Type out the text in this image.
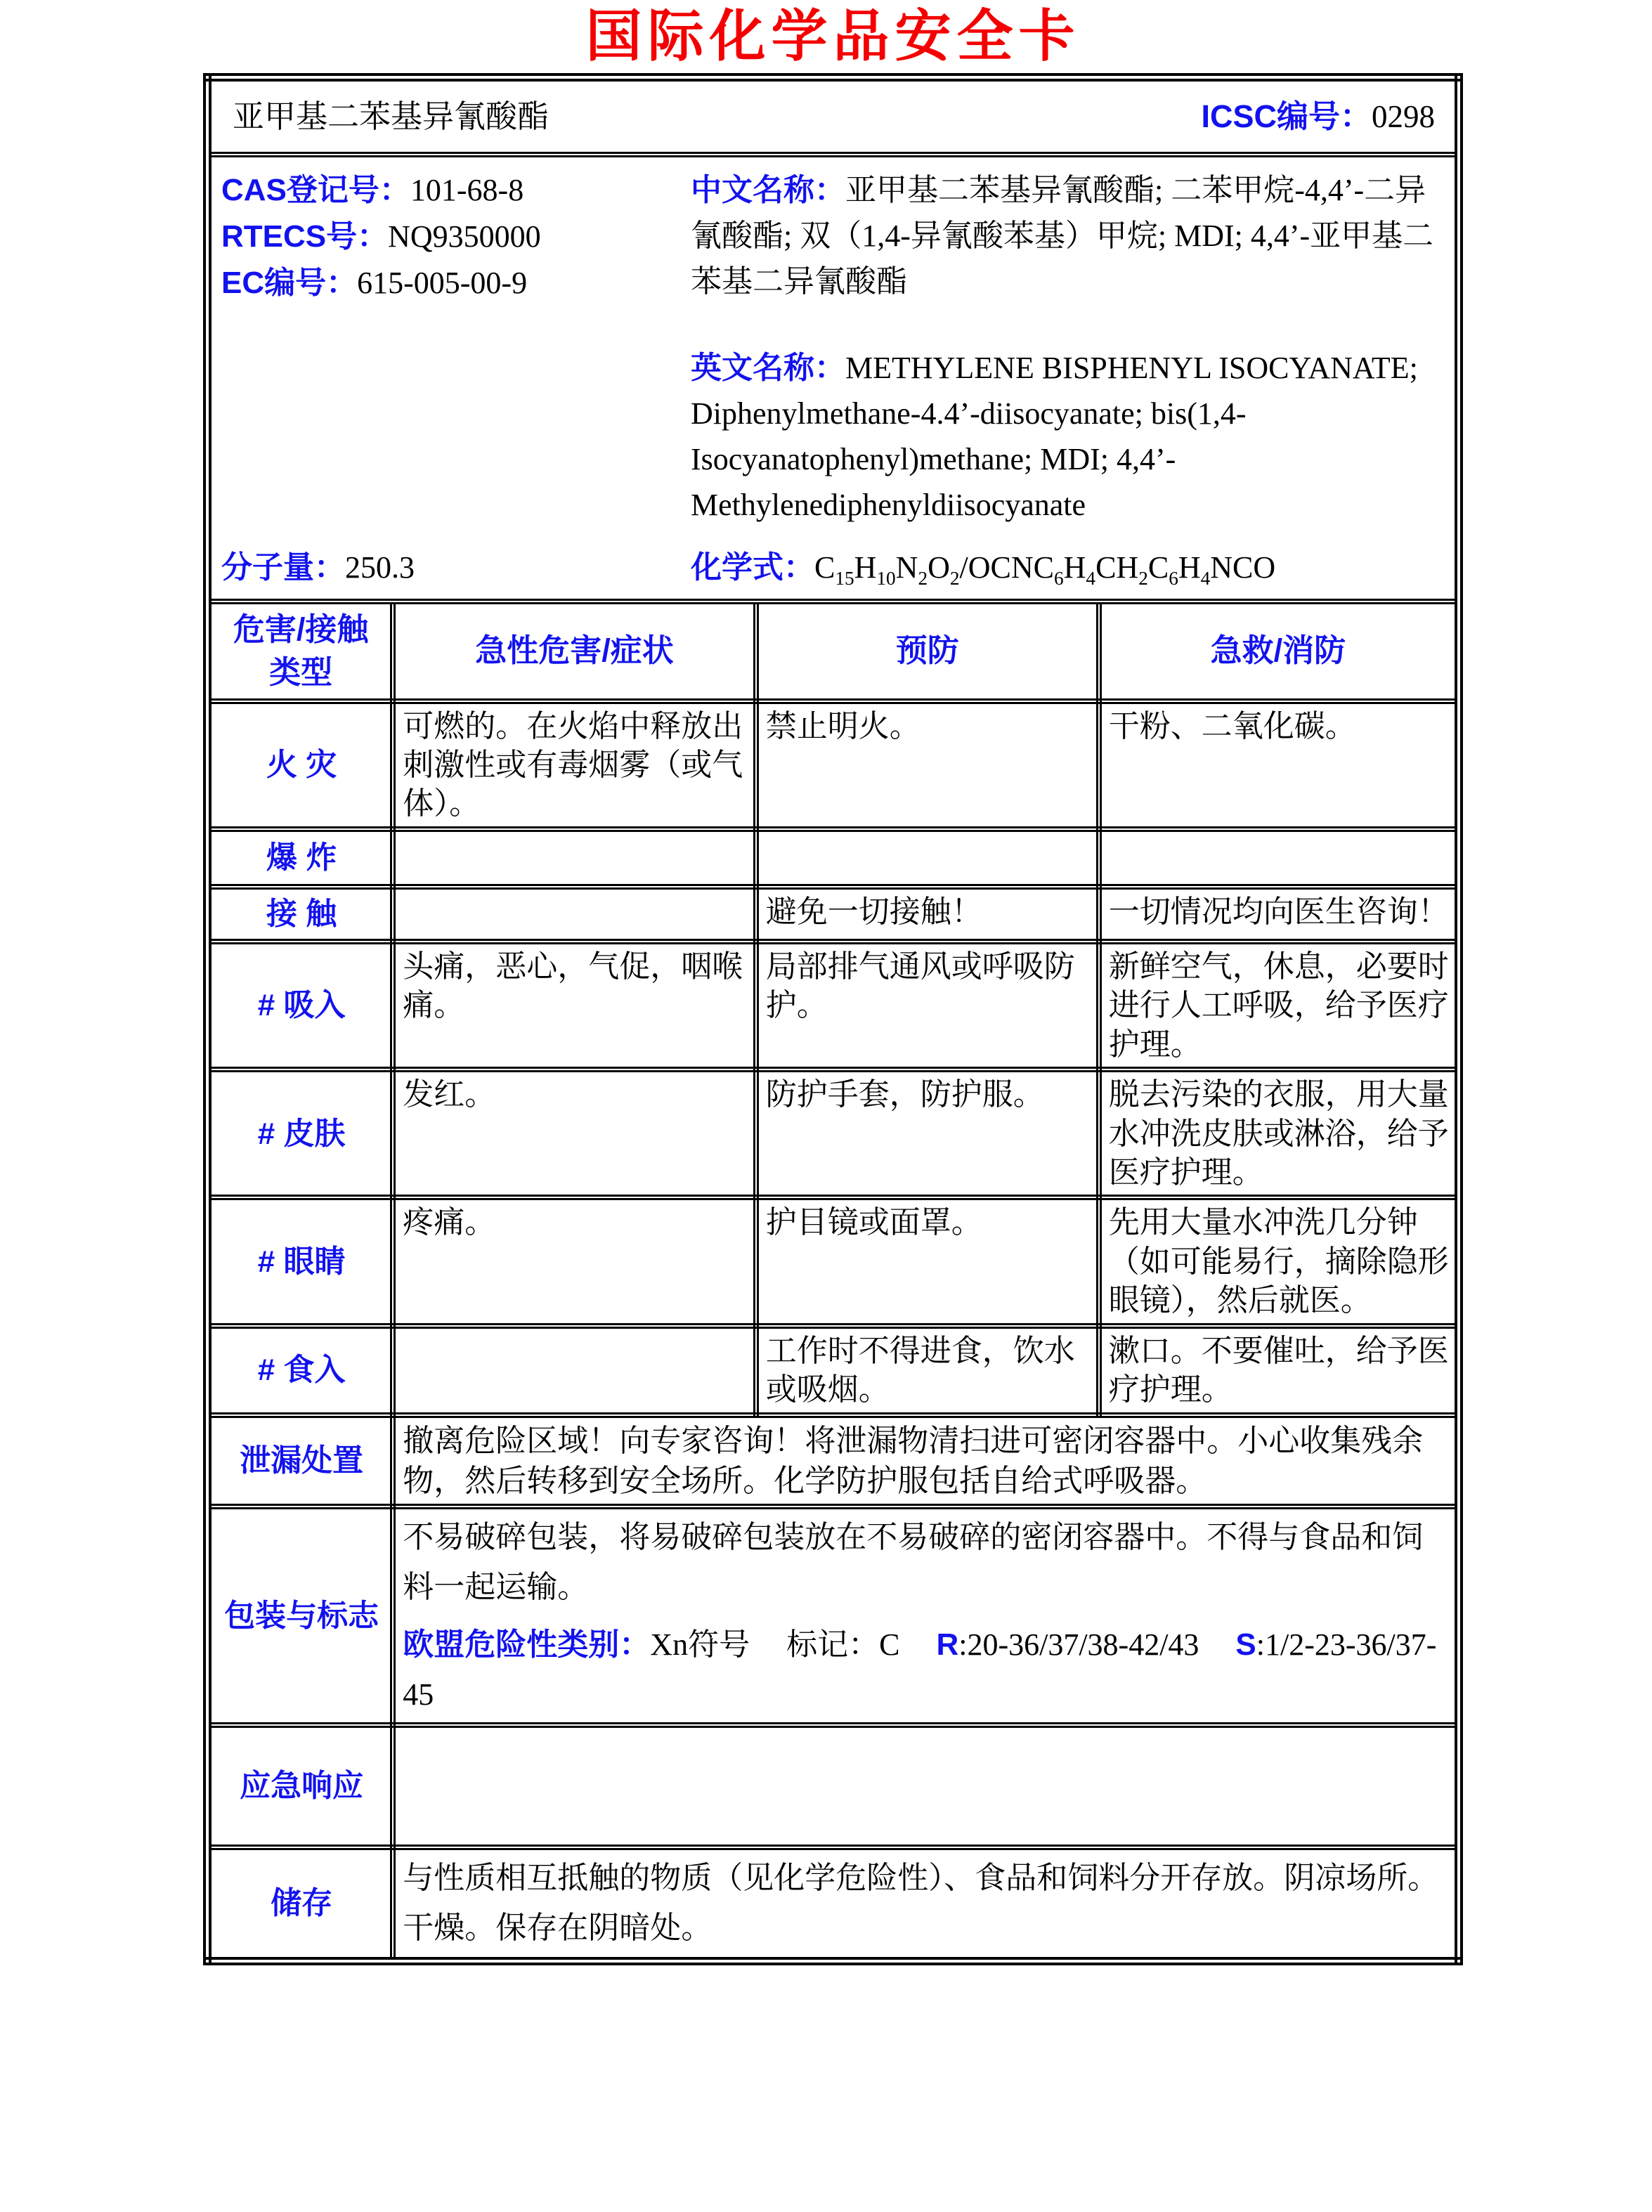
国际化学品安全卡
亚甲基二苯基异氰酸酯 ICSC编号：0298			

CAS登记号：101-68-8
RTECS号：NQ9350000
EC编号：615-005-00-9

中文名称：亚甲基二苯基异氰酸酯; 二苯甲烷-4,4’-二异氰酸酯; 双（1,4-异氰酸苯基）甲烷; MDI; 4,4’-亚甲基二苯基二异氰酸酯

英文名称：METHYLENE BISPHENYL ISOCYANATE; Diphenylmethane-4.4’-diisocyanate; bis(1,4-Isocyanatophenyl)methane; MDI; 4,4’-Methylenediphenyldiisocyanate

分子量：250.3	化学式：$C_{15}H_{10}N_2O_2/OCNC_6H_4CH_2C_6H_4NCO$

危害/接触类型	急性危害/症状	预防	急救/消防
火 灾	可燃的。在火焰中释放出刺激性或有毒烟雾（或气体）。	禁止明火。	干粉、二氧化碳。
爆 炸			
接 触		避免一切接触！	一切情况均向医生咨询！
# 吸入	头痛，恶心，气促，咽喉痛。	局部排气通风或呼吸防护。	新鲜空气，休息，必要时进行人工呼吸，给予医疗护理。
# 皮肤	发红。	防护手套，防护服。	脱去污染的衣服，用大量水冲洗皮肤或淋浴，给予医疗护理。
# 眼睛	疼痛。	护目镜或面罩。	先用大量水冲洗几分钟（如可能易行，摘除隐形眼镜），然后就医。
# 食入		工作时不得进食，饮水或吸烟。	漱口。不要催吐，给予医疗护理。
泄漏处置	撤离危险区域！向专家咨询！将泄漏物清扫进可密闭容器中。小心收集残余物，然后转移到安全场所。化学防护服包括自给式呼吸器。		
包装与标志	不易破碎包装，将易破碎包装放在不易破碎的密闭容器中。不得与食品和饲料一起运输。

欧盟危险性类别：Xn符号 标记：C R:20-36/37/38-42/43 S:1/2-23-36/37-45		

应急响应			
储存	与性质相互抵触的物质（见化学危险性）、食品和饲料分开存放。阴凉场所。干燥。保存在阴暗处。		
